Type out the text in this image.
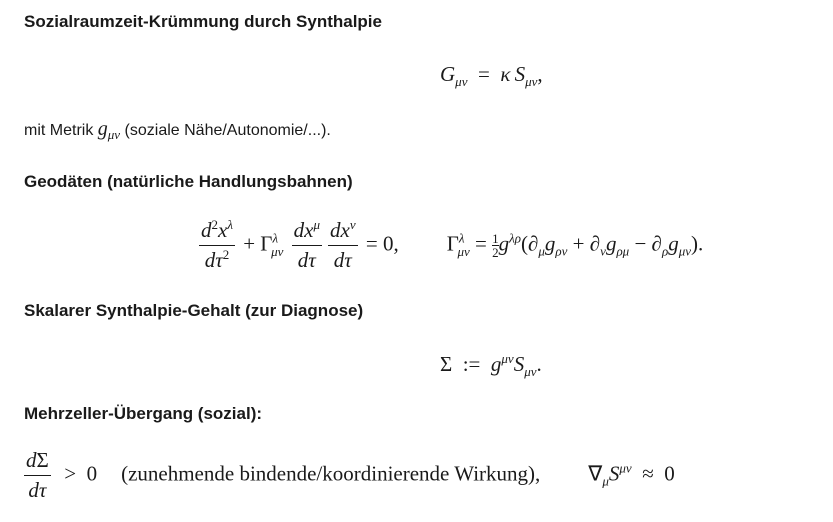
Sozialraumzeit-Krümmung durch Synthalpie
$G_{\mu\nu} = \kappa$  $S_{\mu\nu}$,
mit Metrik $g_{\mu\nu}$ (soziale Nähe/Autonomie/...).
Geodäten (natürliche Handlungsbahnen)
$\frac{d^2x^\lambda}{d\tau^2} + \Gamma^\lambda_{\mu\nu} \frac{dx^\mu}{d\tau} \frac{dx^\nu}{d\tau} = 0$, $\Gamma^\lambda_{\mu\nu} = \frac{1}{2} g^{\lambda\rho}(\partial_\mu g_{\rho\nu} + \partial_\nu g_{\rho\mu} - \partial_\rho g_{\mu\nu})$.
Skalarer Synthalpie-Gehalt (zur Diagnose)
Σ  :=  $g^{\mu\nu}S_{\mu\nu}$.
Mehrzeller-Übergang (sozial):
$\frac{d\Sigma}{d\tau} > 0$ (zunehmende bindende/koordinierende Wirkung), $\nabla_\mu S^{\mu\nu} \approx 0$
